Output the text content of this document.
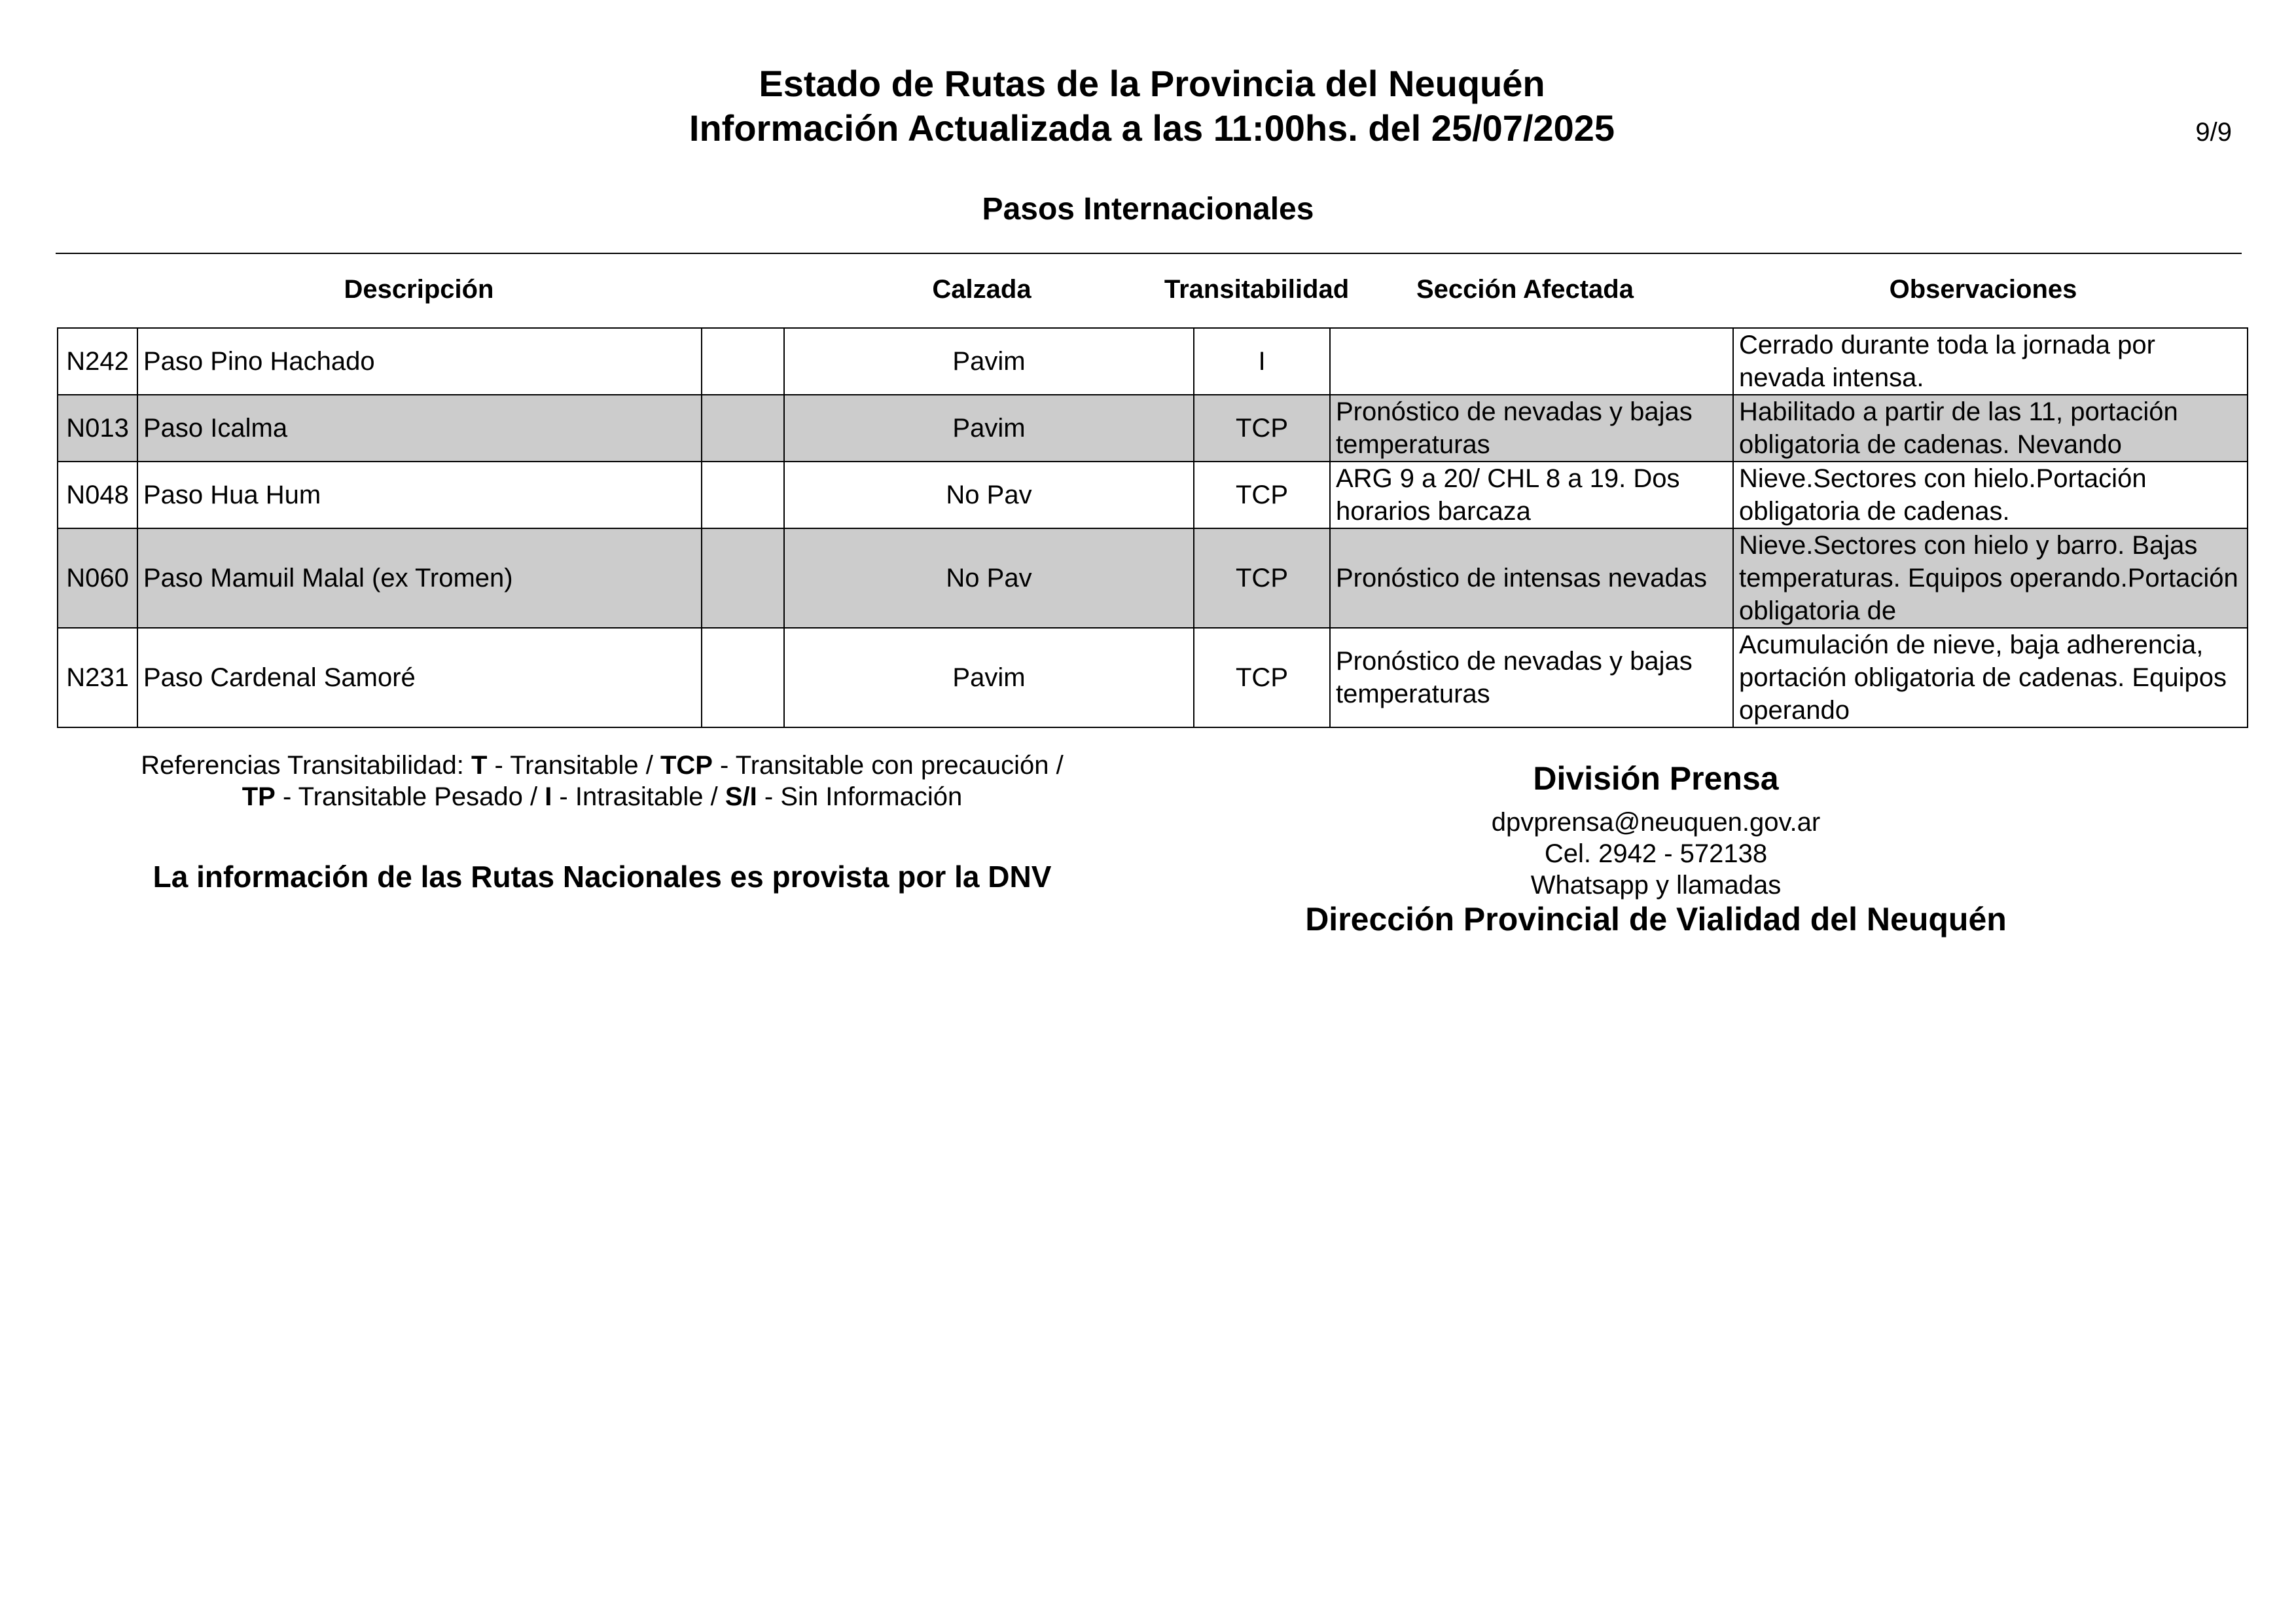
Estado de Rutas de la Provincia del Neuquén
Información Actualizada a las 11:00hs. del 25/07/2025	9/9
Pasos Internacionales
Descripción	Calzada	Transitabilidad	Sección Afectada	Observaciones
N242	Paso Pino Hachado		Pavim	I		Cerrado durante toda la jornada por nevada intensa.

N013	Paso Icalma		Pavim	TCP	Pronóstico de nevadas y bajas temperaturas	Habilitado a partir de las 11, portación obligatoria de cadenas. Nevando

N048	Paso Hua Hum		No Pav	TCP	ARG 9 a 20/ CHL 8 a 19. Dos horarios barcaza	Nieve.Sectores con hielo.Portación obligatoria de cadenas.

N060	Paso Mamuil Malal (ex Tromen)		No Pav	TCP	Pronóstico de intensas nevadas	Nieve.Sectores con hielo y barro. Bajas temperaturas. Equipos operando.Portación obligatoria de

N231	Paso Cardenal Samoré		Pavim	TCP	Pronóstico de nevadas y bajas temperaturas	Acumulación de nieve, baja adherencia, portación obligatoria de cadenas. Equipos operando
Referencias Transitabilidad: T - Transitable / TCP - Transitable con precaución /
TP - Transitable Pesado / I - Intrasitable / S/I - Sin Información
La información de las Rutas Nacionales es provista por la DNV
División Prensa
dpvprensa@neuquen.gov.ar
Cel. 2942 - 572138
Whatsapp y llamadas
Dirección Provincial de Vialidad del Neuquén
